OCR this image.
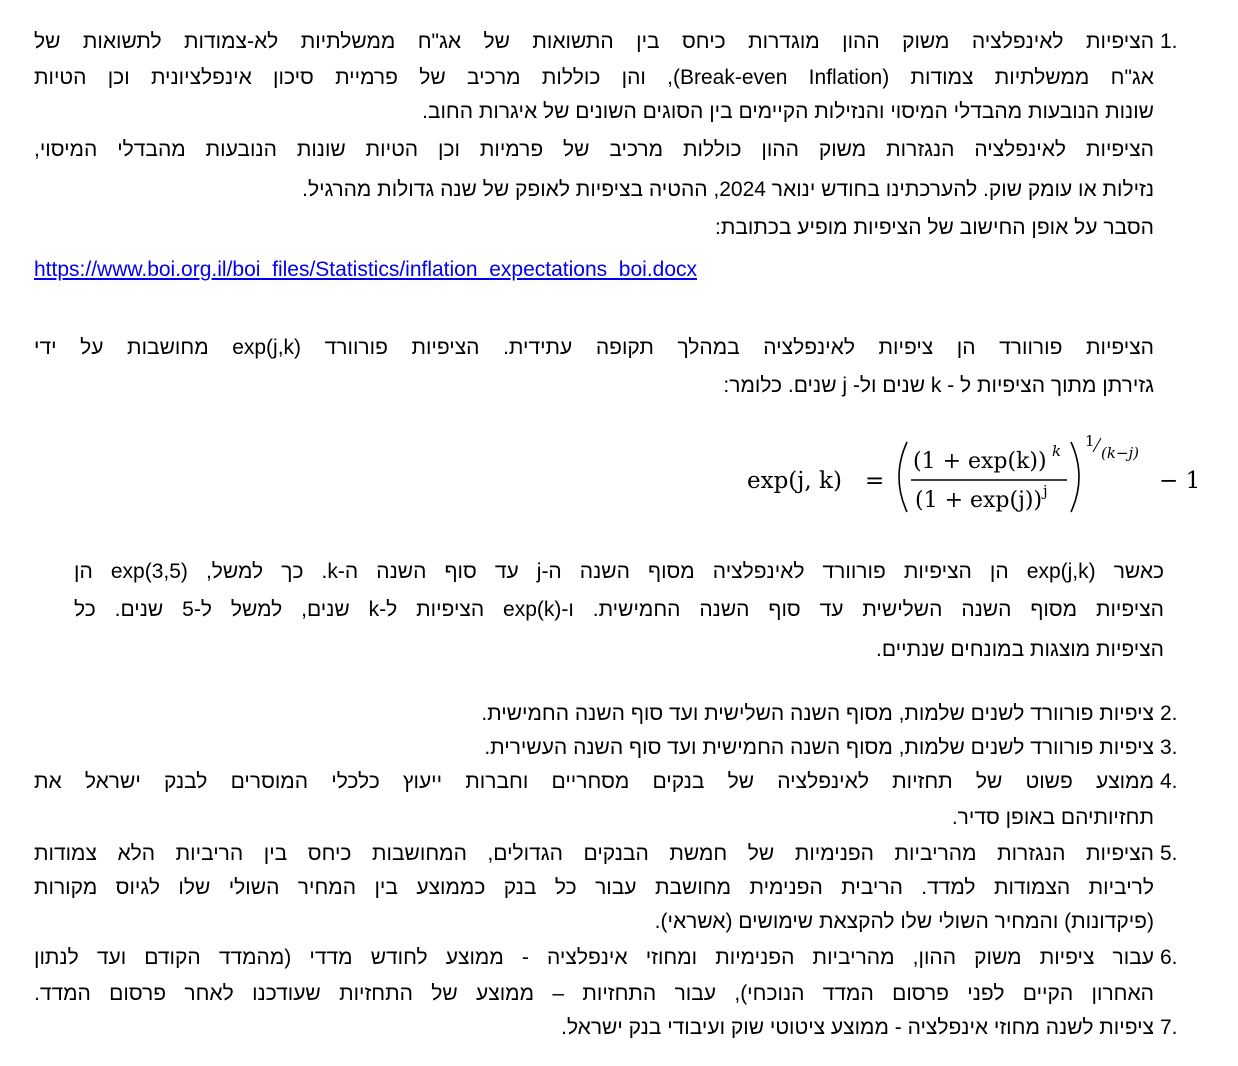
1.
הציפיות לאינפלציה משוק ההון מוגדרות כיחס בין התשואות של אג"ח ממשלתיות לא-צמודות לתשואות של
אג"ח ממשלתיות צמודות (Break-even Inflation), והן כוללות מרכיב של פרמיית סיכון אינפלציונית וכן הטיות
שונות הנובעות מהבדלי המיסוי והנזילות הקיימים בין הסוגים השונים של איגרות החוב.
הציפיות לאינפלציה הנגזרות משוק ההון כוללות מרכיב של פרמיות וכן הטיות שונות הנובעות מהבדלי המיסוי,
נזילות או עומק שוק. להערכתינו בחודש ינואר 2024, ההטיה בציפיות לאופק של שנה גדולות מהרגיל.
הסבר על אופן החישוב של הציפיות מופיע בכתובת:
https://www.boi.org.il/boi_files/Statistics/inflation_expectations_boi.docx
הציפיות פורוורד הן ציפיות לאינפלציה במהלך תקופה עתידית. הציפיות פורוורד exp(j,k) מחושבות על ידי
גזירתן מתוך הציפיות ל - k שנים ול- j שנים. כלומר:
exp(j, k) =
(1 + exp(k)) k
(1 + exp(j)) j
1
(k−j)
− 1
כאשר exp(j,k) הן הציפיות פורוורד לאינפלציה מסוף השנה ה-j עד סוף השנה ה-k. כך למשל, exp(3,5) הן
הציפיות מסוף השנה השלישית עד סוף השנה החמישית. ו-exp(k) הציפיות ל-k שנים, למשל ל-5 שנים. כל
הציפיות מוצגות במונחים שנתיים.
2.
ציפיות פורוורד לשנים שלמות, מסוף השנה השלישית ועד סוף השנה החמישית.
3.
ציפיות פורוורד לשנים שלמות, מסוף השנה החמישית ועד סוף השנה העשירית.
4.
ממוצע פשוט של תחזיות לאינפלציה של בנקים מסחריים וחברות ייעוץ כלכלי המוסרים לבנק ישראל את
תחזיותיהם באופן סדיר.
5.
הציפיות הנגזרות מהריביות הפנימיות של חמשת הבנקים הגדולים, המחושבות כיחס בין הריביות הלא צמודות
לריביות הצמודות למדד. הריבית הפנימית מחושבת עבור כל בנק כממוצע בין המחיר השולי שלו לגיוס מקורות
(פיקדונות) והמחיר השולי שלו להקצאת שימושים (אשראי).
6.
עבור ציפיות משוק ההון, מהריביות הפנימיות ומחוזי אינפלציה - ממוצע לחודש מדדי (מהמדד הקודם ועד לנתון
האחרון הקיים לפני פרסום המדד הנוכחי), עבור התחזיות – ממוצע של התחזיות שעודכנו לאחר פרסום המדד.
7.
ציפיות לשנה מחוזי אינפלציה - ממוצע ציטוטי שוק ועיבודי בנק ישראל.
